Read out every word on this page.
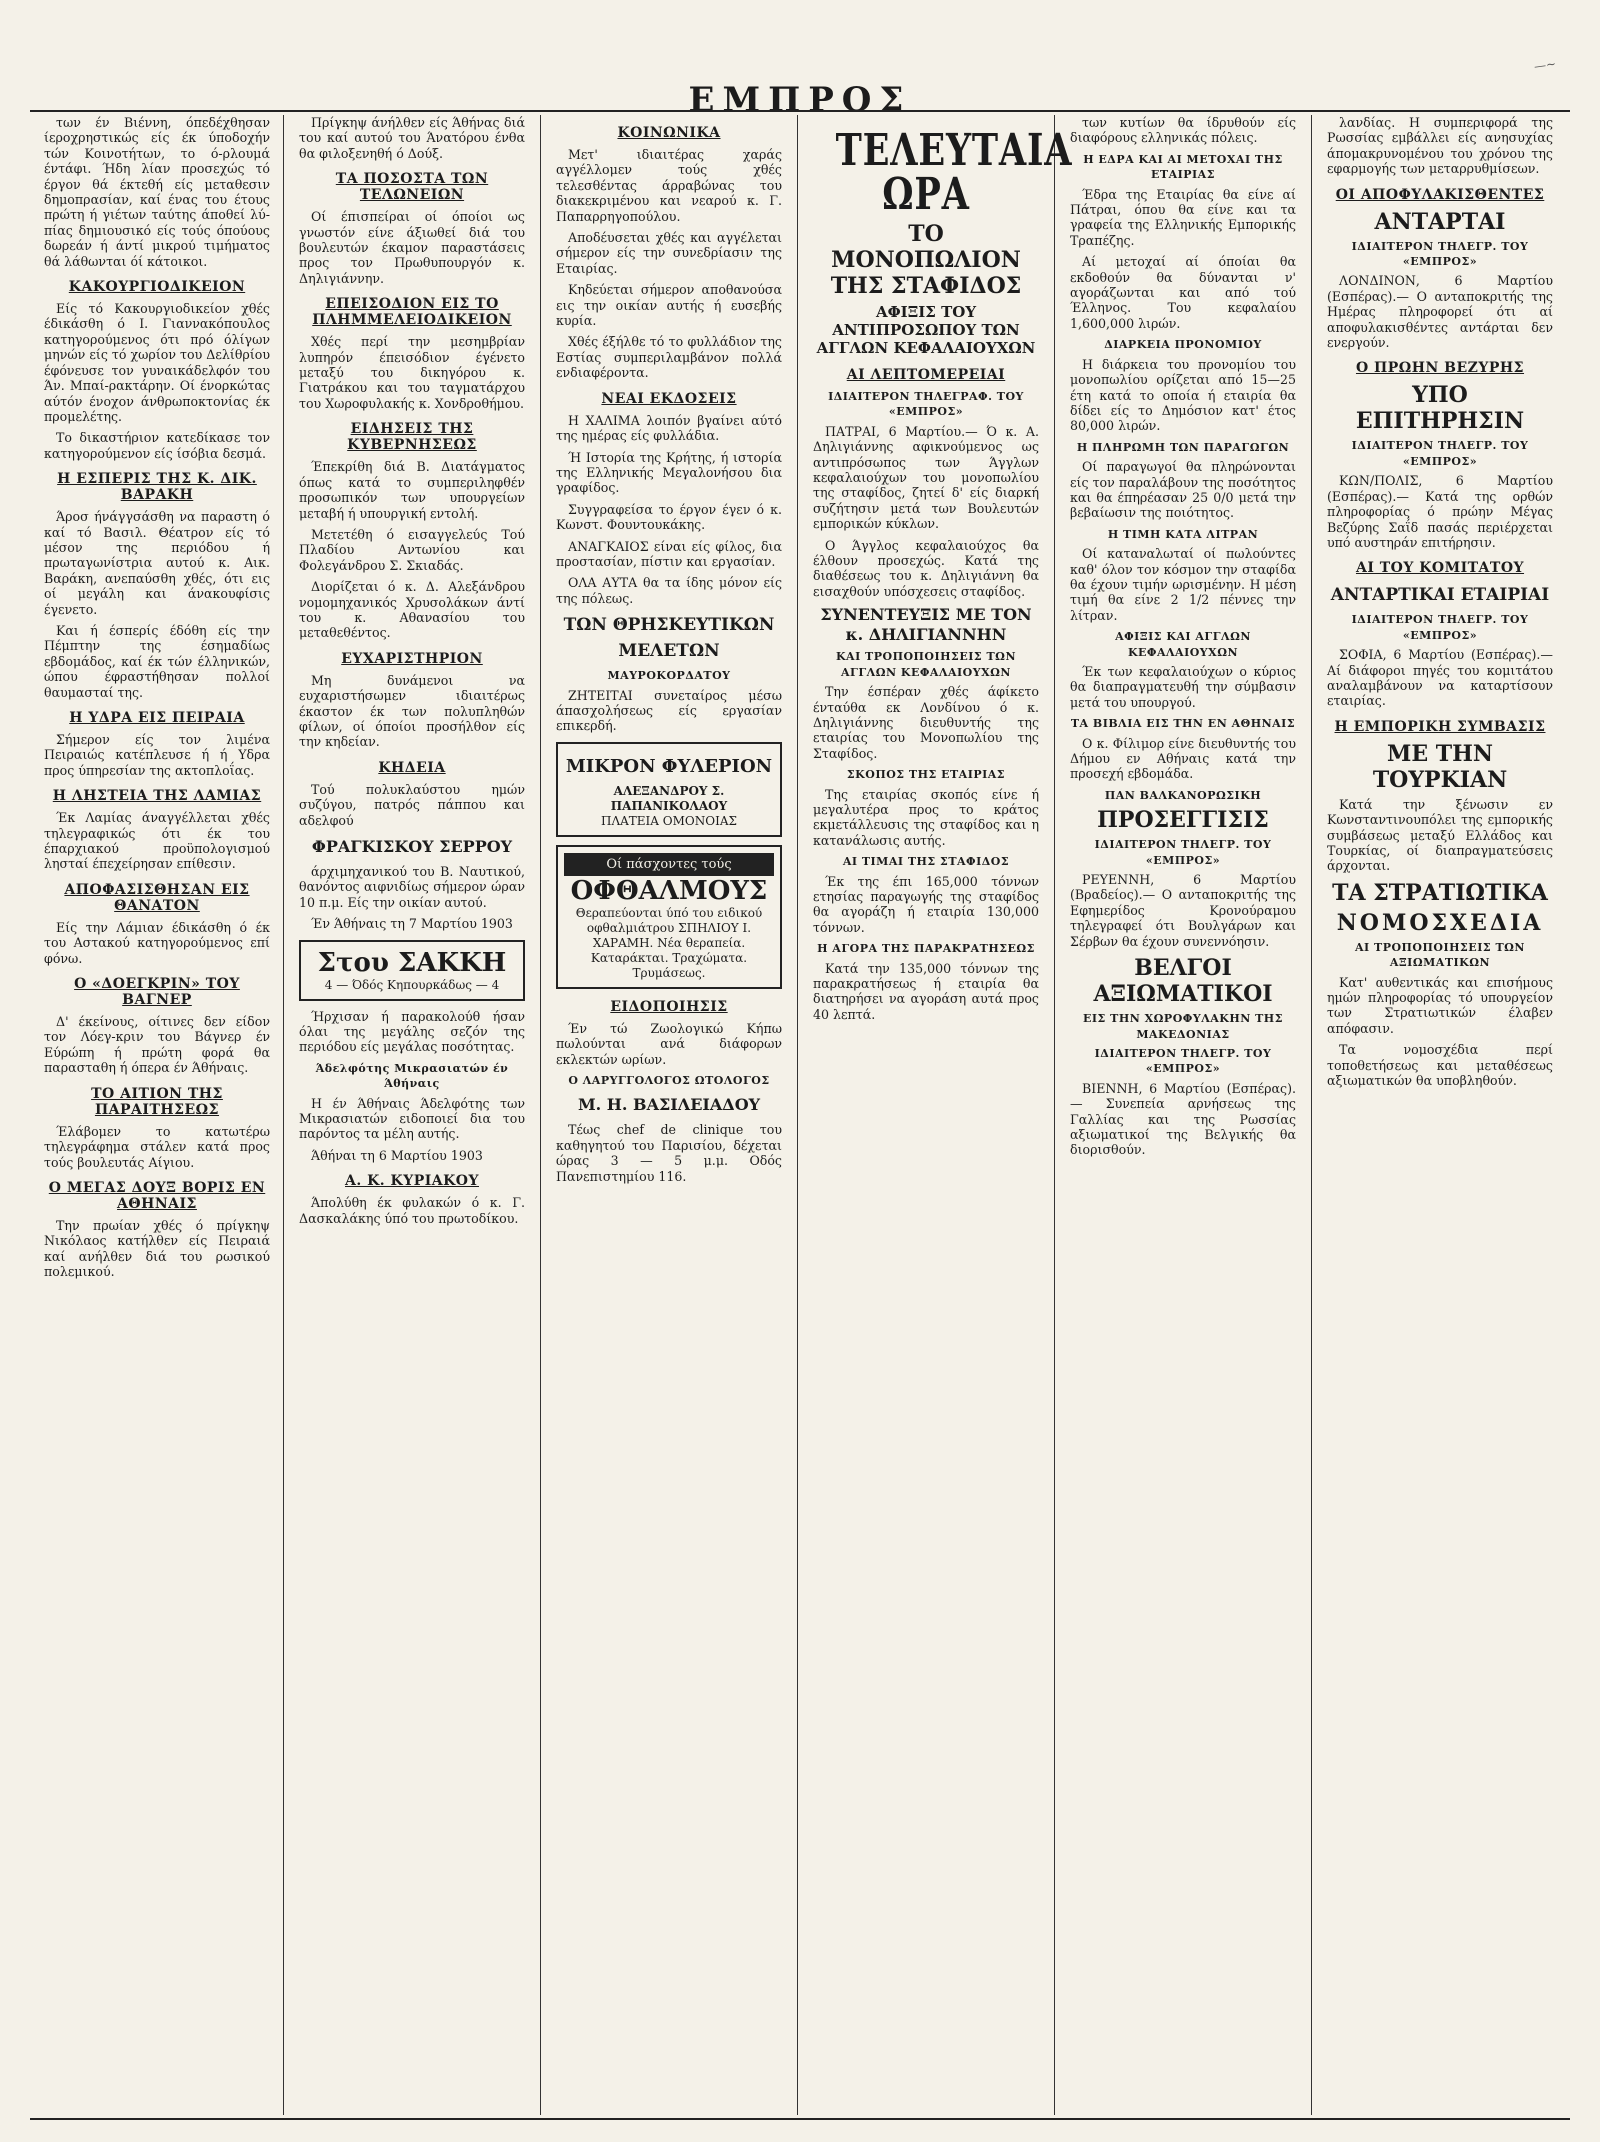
—~
ΕΜΠΡΟΣ

των έν Βιέννη, όπεδέχθησαν ίεροχρηστικώς είς έκ ύποδοχήν τών Κοινοτήτων, το ό-ρλουμά έντάφι. Ήδη λίαν προσεχώς τό έργον θά έκτεθή είς μεταθεσιν δημοπρασίαν, καί ένας του έτους πρώτη ή γιέτων ταύτης άποθεί λύ-πίας δημιουσικό είς τούς όπούους δωρεάν ή άντί μικρού τιμήματος θά λάθωνται όί κάτοικοι.

ΚΑΚΟΥΡΓΙΟΔΙΚΕΙΟΝ

Είς τό Κακουργιοδικείον χθές έδικάσθη ό I. Γιαννακόπουλος κατηγορούμενος ότι πρό όλίγων μηνών είς τό χωρίον του Δελίθρίου έφόνευσε τον γυναικάδελφόν του Άν. Μπαί-ρακτάρην. Οί ένορκώτας αύτόν ένοχον άνθρωποκτονίας έκ προμελέτης.

Το δικαστήριον κατεδίκασε τον κατηγορούμενον είς ίσόβια δεσμά.

Η ΕΣΠΕΡΙΣ ΤΗΣ Κ. ΔΙΚ. ΒΑΡΑΚΗ

Άροσ ήνάγγσάσθη να παραστη ό καί τό Βασιλ. Θέατρον είς τό μέσον της περιόδου ή πρωταγωνίστρια αυτού κ. Αικ. Βαράκη, ανεπαύσθη χθές, ότι εις οί μεγάλη και άνακουφίσις έγενετο.

Και ή έσπερίς έδόθη είς την Πέμπτην της έσημαδίως εβδομάδος, καί έκ τών έλληνικών, ώπου έφραστήθησαν πολλοί θαυμασταί της.

Η ΥΔΡΑ ΕΙΣ ΠΕΙΡΑΙΑ

Σήμερον είς τον λιμένα Πειραιώς κατέπλευσε ή ή Υδρα προς ύπηρεσίαν της ακτοπλοΐας.

Η ΛΗΣΤΕΙΑ ΤΗΣ ΛΑΜΙΑΣ

Έκ Λαμίας άναγγέλλεται χθές τηλεγραφικώς ότι έκ του έπαρχιακού προϋπολογισμού λησταί έπεχείρησαν επίθεσιν.

ΑΠΟΦΑΣΙΣΘΗΣΑΝ ΕΙΣ ΘΑΝΑΤΟΝ

Είς την Λάμιαν έδικάσθη ό έκ του Αστακού κατηγορούμενος επί φόνω.

Ο «ΔΟΕΓΚΡΙΝ» ΤΟΥ ΒΑΓΝΕΡ

Δ' έκείνους, οίτινες δεν είδον τον Λόεγ-κριν του Βάγνερ έν Εύρώπη ή πρώτη φορά θα παρασταθη ή όπερα έν Άθήναις.

ΤΟ ΑΙΤΙΟΝ ΤΗΣ ΠΑΡΑΙΤΗΣΕΩΣ

Έλάβομεν το κατωτέρω τηλεγράφημα στάλεν κατά προς τούς βουλευτάς Αίγιου.

Ο ΜΕΓΑΣ ΔΟΥΞ ΒΟΡΙΣ ΕΝ ΑΘΗΝΑΙΣ

Την πρωίαν χθές ό πρίγκηψ Νικόλαος κατήλθεν είς Πειραιά καί ανήλθεν διά του ρωσικού πολεμικού.

Πρίγκηψ άνήλθεν είς Άθήνας διά του καί αυτού του Άνατόρου ένθα θα φιλοξενηθή ό Δούξ.

ΤΑ ΠΟΣΟΣΤΑ ΤΩΝ ΤΕΛΩΝΕΙΩΝ

Οί έπισπείραι οί όποίοι ως γνωστόν είνε άξιωθεί διά του βουλευτών έκαμον παραστάσεις προς τον Πρωθυπουργόν κ. Δηλιγιάννην.

ΕΠΕΙΣΟΔΙΟΝ ΕΙΣ ΤΟ ΠΛΗΜΜΕΛΕΙΟΔΙΚΕΙΟΝ

Χθές περί την μεσημβρίαν λυπηρόν έπεισόδιον έγένετο μεταξύ του δικηγόρου κ. Γιατράκου και του ταγματάρχου του Χωροφυλακής κ. Χονδροθήμου.

ΕΙΔΗΣΕΙΣ ΤΗΣ ΚΥΒΕΡΝΗΣΕΩΣ

Έπεκρίθη διά Β. Διατάγματος όπως κατά το συμπεριληφθέν προσωπικόν των υπουργείων μεταβή ή υπουργική εντολή.

Μετετέθη ό εισαγγελεύς Τού Πλαδίου Αντωνίου και Φολεγάνδρου Σ. Σκιαδάς.

Διορίζεται ό κ. Δ. Αλεξάνδρου νομομηχανικός Χρυσολάκων άντί του κ. Αθανασίου του μεταθεθέντος.

ΕΥΧΑΡΙΣΤΗΡΙΟΝ

Μη δυνάμενοι να ευχαριστήσωμεν ιδιαιτέρως έκαστον έκ των πολυπληθών φίλων, οί όποίοι προσήλθον είς την κηδείαν.

ΚΗΔΕΙΑ

Τού πολυκλαύστου ημών συζύγου, πατρός πάππου και αδελφού

ΦΡΑΓΚΙΣΚΟΥ ΣΕΡΡΟΥ

άρχιμηχανικού του Β. Ναυτικού, θανόντος αιφνιδίως σήμερον ώραν 10 π.μ. Είς την οικίαν αυτού.

Έν Άθήναις τη 7 Μαρτίου 1903

Στου ΣΑΚΚΗ
4 — Όδός Κηπουρκάδως — 4

Ήρχισαν ή παρακολούθ ήσαν όλαι της μεγάλης σεζόν της περιόδου είς μεγάλας ποσότητας.

Άδελφότης Μικρασιατών έν Άθήναις

Η έν Άθήναις Άδελφότης των Μικρασιατών ειδοποιεί δια του παρόντος τα μέλη αυτής.

Άθήναι τη 6 Μαρτίου 1903

Α. Κ. ΚΥΡΙΑΚΟΥ

Άπολύθη έκ φυλακών ό κ. Γ. Δασκαλάκης ύπό του πρωτοδίκου.

ΚΟΙΝΩΝΙΚΑ

Μετ' ιδιαιτέρας χαράς αγγέλλομεν τούς χθές τελεσθέντας άρραβώνας του διακεκριμένου και νεαρού κ. Γ. Παπαρρηγοπούλου.

Αποδέυσεται χθές και αγγέλεται σήμερον είς την συνεδρίασιν της Εταιρίας.

Κηδεύεται σήμερον αποθανούσα εις την οικίαν αυτής ή ευσεβής κυρία.

Χθές έξήλθε τό το φυλλάδιον της Εστίας συμπεριλαμβάνον πολλά ενδιαφέροντα.

ΝΕΑΙ ΕΚΔΟΣΕΙΣ

Η ΧΑΛΙΜΑ λοιπόν βγαίνει αύτό της ημέρας είς φυλλάδια.

Ή Ιστορία της Κρήτης, ή ιστορία της Ελληνικής Μεγαλονήσου δια γραφίδος.

Συγγραφείσα το έργον έγεν ό κ. Κωνστ. Φουντουκάκης.

ΑΝΑΓΚΑΙΟΣ είναι είς φίλος, δια προστασίαν, πίστιν και εργασίαν.

ΟΛΑ ΑΥΤΑ θα τα ίδης μόνον είς της πόλεως.

ΤΩΝ ΘΡΗΣΚΕΥΤΙΚΩΝ ΜΕΛΕΤΩΝ
ΜΑΥΡΟΚΟΡΔΑΤΟΥ

ΖΗΤΕΙΤΑΙ συνεταίρος μέσω άπασχολήσεως είς εργασίαν επικερδή.

ΜΙΚΡΟΝ ΦΥΛΕΡΙΟΝ
ΑΛΕΞΑΝΔΡΟΥ Σ. ΠΑΠΑΝΙΚΟΛΑΟΥ
ΠΛΑΤΕΙΑ ΟΜΟΝΟΙΑΣ
Οί πάσχοντες τούς
ΟΦΘΑΛΜΟΥΣ
Θεραπεύονται ύπό του ειδικού οφθαλμιάτρου ΣΠΗΛΙΟΥ Ι. ΧΑΡΑΜΗ. Νέα θεραπεία. Καταράκται. Τραχώματα. Τρυμάσεως.
ΕΙΔΟΠΟΙΗΣΙΣ

Έν τώ Ζωολογικώ Κήπω πωλούνται ανά διάφορων εκλεκτών ωρίων.

Ο ΛΑΡΥΓΓΟΛΟΓΟΣ ΩΤΟΛΟΓΟΣ
Μ. Η. ΒΑΣΙΛΕΙΑΔΟΥ

Τέως chef de clinique του καθηγητού του Παρισίου, δέχεται ώρας 3 — 5 μ.μ. Οδός Πανεπιστημίου 116.

ΤΕΛΕΥΤΑΙΑ ΩΡΑ
ΤΟ ΜΟΝΟΠΩΛΙΟΝ ΤΗΣ ΣΤΑΦΙΔΟΣ
ΑΦΙΞΙΣ ΤΟΥ ΑΝΤΙΠΡΟΣΩΠΟΥ ΤΩΝ ΑΓΓΛΩΝ ΚΕΦΑΛΑΙΟΥΧΩΝ
ΑΙ ΛΕΠΤΟΜΕΡΕΙΑΙ
ΙΔΙΑΙΤΕΡΟΝ ΤΗΛΕΓΡΑΦ. ΤΟΥ «ΕΜΠΡΟΣ»

ΠΑΤΡΑΙ, 6 Μαρτίου.— Ό κ. Α. Δηλιγιάννης αφικνούμενος ως αντιπρόσωπος των Άγγλων κεφαλαιούχων του μονοπωλίου της σταφίδος, ζητεί δ' είς διαρκή συζήτησιν μετά των Βουλευτών εμπορικών κύκλων.

Ο Άγγλος κεφαλαιούχος θα έλθουν προσεχώς. Κατά της διαθέσεως του κ. Δηλιγιάννη θα εισαχθούν υπόσχεσεις σταφίδος.

ΣΥΝΕΝΤΕΥΞΙΣ ΜΕ ΤΟΝ κ. ΔΗΛΙΓΙΑΝΝΗΝ
ΚΑΙ ΤΡΟΠΟΠΟΙΗΣΕΙΣ ΤΩΝ ΑΓΓΛΩΝ ΚΕΦΑΛΑΙΟΥΧΩΝ

Την έσπέραν χθές άφίκετο ένταύθα εκ Λονδίνου ό κ. Δηλιγιάννης διευθυντής της εταιρίας του Μονοπωλίου της Σταφίδος.

ΣΚΟΠΟΣ ΤΗΣ ΕΤΑΙΡΙΑΣ

Της εταιρίας σκοπός είνε ή μεγαλυτέρα προς το κράτος εκμετάλλευσις της σταφίδος και η κατανάλωσις αυτής.

ΑΙ ΤΙΜΑΙ ΤΗΣ ΣΤΑΦΙΔΟΣ

Έκ της έπι 165,000 τόννων ετησίας παραγωγής της σταφίδος θα αγοράζη ή εταιρία 130,000 τόννων.

Η ΑΓΟΡΑ ΤΗΣ ΠΑΡΑΚΡΑΤΗΣΕΩΣ

Κατά την 135,000 τόννων της παρακρατήσεως ή εταιρία θα διατηρήσει να αγοράση αυτά προς 40 λεπτά.

των κυτίων θα ίδρυθούν είς διαφόρους ελληνικάς πόλεις.

Η ΕΔΡΑ ΚΑΙ ΑΙ ΜΕΤΟΧΑΙ ΤΗΣ ΕΤΑΙΡΙΑΣ

Έδρα της Εταιρίας θα είνε αί Πάτραι, όπου θα είνε και τα γραφεία της Ελληνικής Εμπορικής Τραπέζης.

Αί μετοχαί αί όποίαι θα εκδοθούν θα δύνανται ν' αγοράζωνται και από τού Έλληνος. Του κεφαλαίου 1,600,000 λιρών.

ΔΙΑΡΚΕΙΑ ΠΡΟΝΟΜΙΟΥ

Η διάρκεια του προνομίου του μονοπωλίου ορίζεται από 15—25 έτη κατά το οποία ή εταιρία θα δίδει είς το Δημόσιον κατ' έτος 80,000 λιρών.

Η ΠΛΗΡΩΜΗ ΤΩΝ ΠΑΡΑΓΩΓΩΝ

Οί παραγωγοί θα πληρώνονται είς τον παραλάβουν της ποσότητος και θα έπηρέασαν 25 0/0 μετά την βεβαίωσιν της ποιότητος.

Η ΤΙΜΗ ΚΑΤΑ ΛΙΤΡΑΝ

Οί καταναλωταί οί πωλούντες καθ' όλον τον κόσμον την σταφίδα θα έχουν τιμήν ωρισμένην. Η μέση τιμή θα είνε 2 1/2 πέννες την λίτραν.

ΑΦΙΞΙΣ ΚΑΙ ΑΓΓΛΩΝ ΚΕΦΑΛΑΙΟΥΧΩΝ

Έκ των κεφαλαιούχων ο κύριος θα διαπραγματευθή την σύμβασιν μετά του υπουργού.

ΤΑ ΒΙΒΛΙΑ ΕΙΣ ΤΗΝ ΕΝ ΑΘΗΝΑΙΣ

Ο κ. Φίλιμορ είνε διευθυντής του Δήμου εν Αθήναις κατά την προσεχή εβδομάδα.

ΠΑΝ ΒΑΛΚΑΝΟΡΩΣΙΚΗ
ΠΡΟΣΕΓΓΙΣΙΣ
ΙΔΙΑΙΤΕΡΟΝ ΤΗΛΕΓΡ. ΤΟΥ «ΕΜΠΡΟΣ»

ΡΕΥΕΝΝΗ, 6 Μαρτίου (Βραδείος).— Ο ανταποκριτής της Εφημερίδος Κρονούραμου τηλεγραφεί ότι Βουλγάρων και Σέρβων θα έχουν συνεννόησιν.

ΒΕΛΓΟΙ ΑΞΙΩΜΑΤΙΚΟΙ
ΕΙΣ ΤΗΝ ΧΩΡΟΦΥΛΑΚΗΝ ΤΗΣ ΜΑΚΕΔΟΝΙΑΣ
ΙΔΙΑΙΤΕΡΟΝ ΤΗΛΕΓΡ. ΤΟΥ «ΕΜΠΡΟΣ»

ΒΙΕΝΝΗ, 6 Μαρτίου (Εσπέρας).— Συνεπεία αρνήσεως της Γαλλίας και της Ρωσσίας αξιωματικοί της Βελγικής θα διορισθούν.

λανδίας. Η συμπεριφορά της Ρωσσίας εμβάλλει είς ανησυχίας άπομακρυνομένου του χρόνου της εφαρμογής των μεταρρυθμίσεων.

ΟΙ ΑΠΟΦΥΛΑΚΙΣΘΕΝΤΕΣ
ΑΝΤΑΡΤΑΙ
ΙΔΙΑΙΤΕΡΟΝ ΤΗΛΕΓΡ. ΤΟΥ «ΕΜΠΡΟΣ»

ΛΟΝΔΙΝΟΝ, 6 Μαρτίου (Εσπέρας).— Ο ανταποκριτής της Ημέρας πληροφορεί ότι αί αποφυλακισθέντες αντάρται δεν ενεργούν.

Ο ΠΡΩΗΝ ΒΕΖΥΡΗΣ
ΥΠΟ ΕΠΙΤΗΡΗΣΙΝ
ΙΔΙΑΙΤΕΡΟΝ ΤΗΛΕΓΡ. ΤΟΥ «ΕΜΠΡΟΣ»

ΚΩΝ/ΠΟΛΙΣ, 6 Μαρτίου (Εσπέρας).— Κατά της ορθών πληροφορίας ό πρώην Μέγας Βεζύρης Σαΐδ πασάς περιέρχεται υπό αυστηράν επιτήρησιν.

ΑΙ ΤΟΥ ΚΟΜΙΤΑΤΟΥ
ΑΝΤΑΡΤΙΚΑΙ ΕΤΑΙΡΙΑΙ
ΙΔΙΑΙΤΕΡΟΝ ΤΗΛΕΓΡ. ΤΟΥ «ΕΜΠΡΟΣ»

ΣΟΦΙΑ, 6 Μαρτίου (Εσπέρας).— Αί διάφοροι πηγές του κομιτάτου αναλαμβάνουν να καταρτίσουν εταιρίας.

Η ΕΜΠΟΡΙΚΗ ΣΥΜΒΑΣΙΣ
ΜΕ ΤΗΝ ΤΟΥΡΚΙΑΝ

Κατά την ξένωσιν εν Κωνσταντινουπόλει της εμπορικής συμβάσεως μεταξύ Ελλάδος και Τουρκίας, οί διαπραγματεύσεις άρχονται.

ΤΑ ΣΤΡΑΤΙΩΤΙΚΑ
ΝΟΜΟΣΧΕΔΙΑ
ΑΙ ΤΡΟΠΟΠΟΙΗΣΕΙΣ ΤΩΝ ΑΞΙΩΜΑΤΙΚΩΝ

Κατ' αυθεντικάς και επισήμους ημών πληροφορίας τό υπουργείον των Στρατιωτικών έλαβεν απόφασιν.

Τα νομοσχέδια περί τοποθετήσεως και μεταθέσεως αξιωματικών θα υποβληθούν.
